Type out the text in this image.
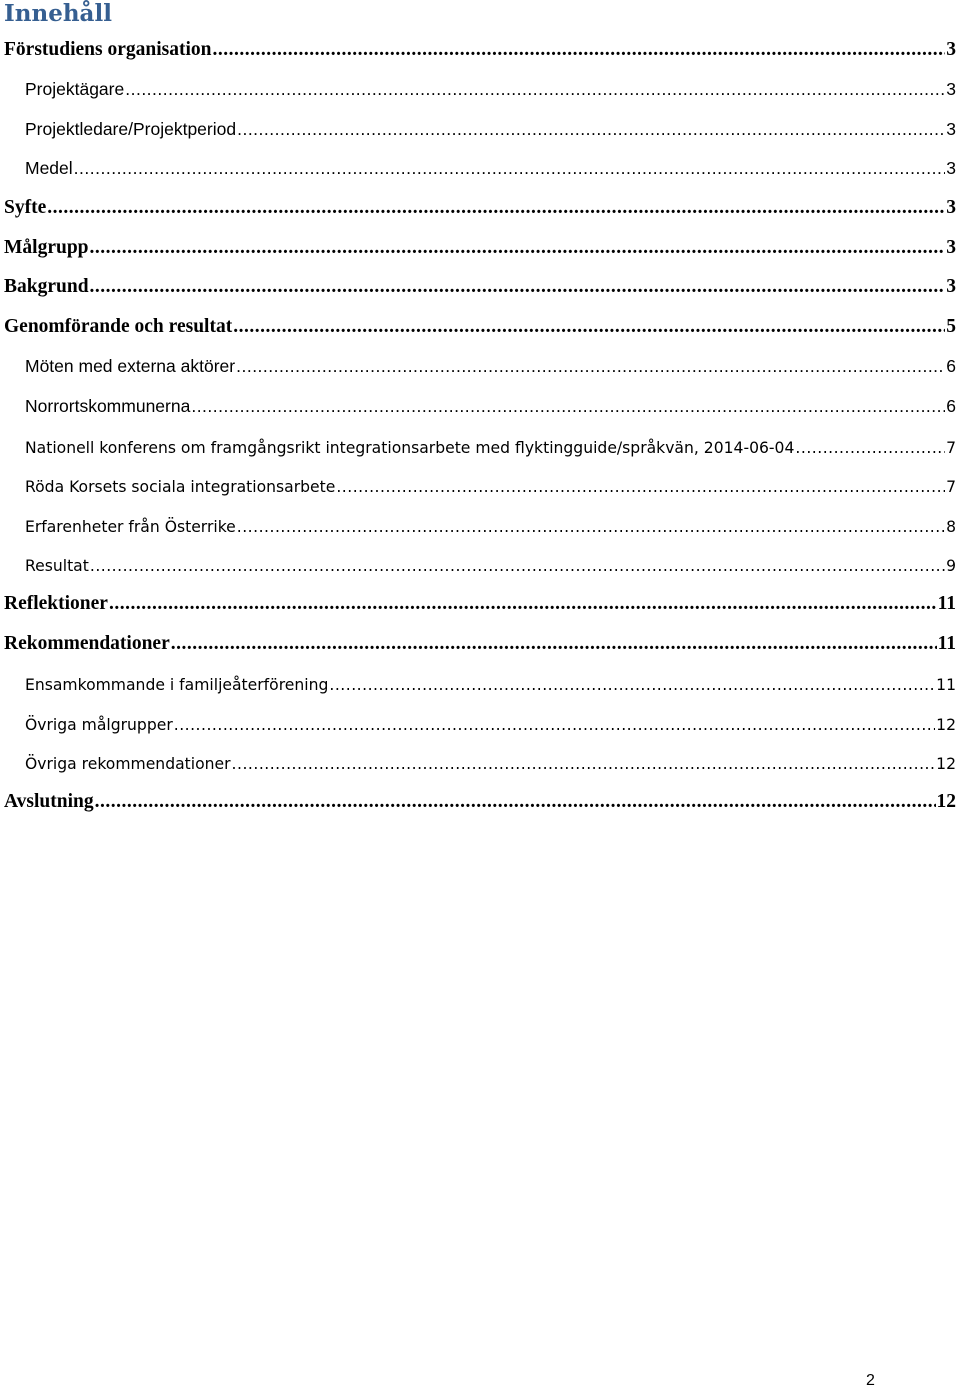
Innehåll
Förstudiens organisation .....	3
Projektägare .....	3
Projektledare/Projektperiod .....	3
Medel .....	3
Syfte .....	3
Målgrupp .....	3
Bakgrund .....	3
Genomförande och resultat .....	5
Möten med externa aktörer .....	6
Norrortskommunerna .....	6
Nationell konferens om framgångsrikt integrationsarbete med flyktingguide/språkvän, 2014-06-04 .....	7
Röda Korsets sociala integrationsarbete .....	7
Erfarenheter från Österrike .....	8
Resultat .....	9
Reflektioner .....	11
Rekommendationer .....	11
Ensamkommande i familjeåterförening .....	11
Övriga målgrupper .....	12
Övriga rekommendationer .....	12
Avslutning .....	12
2
